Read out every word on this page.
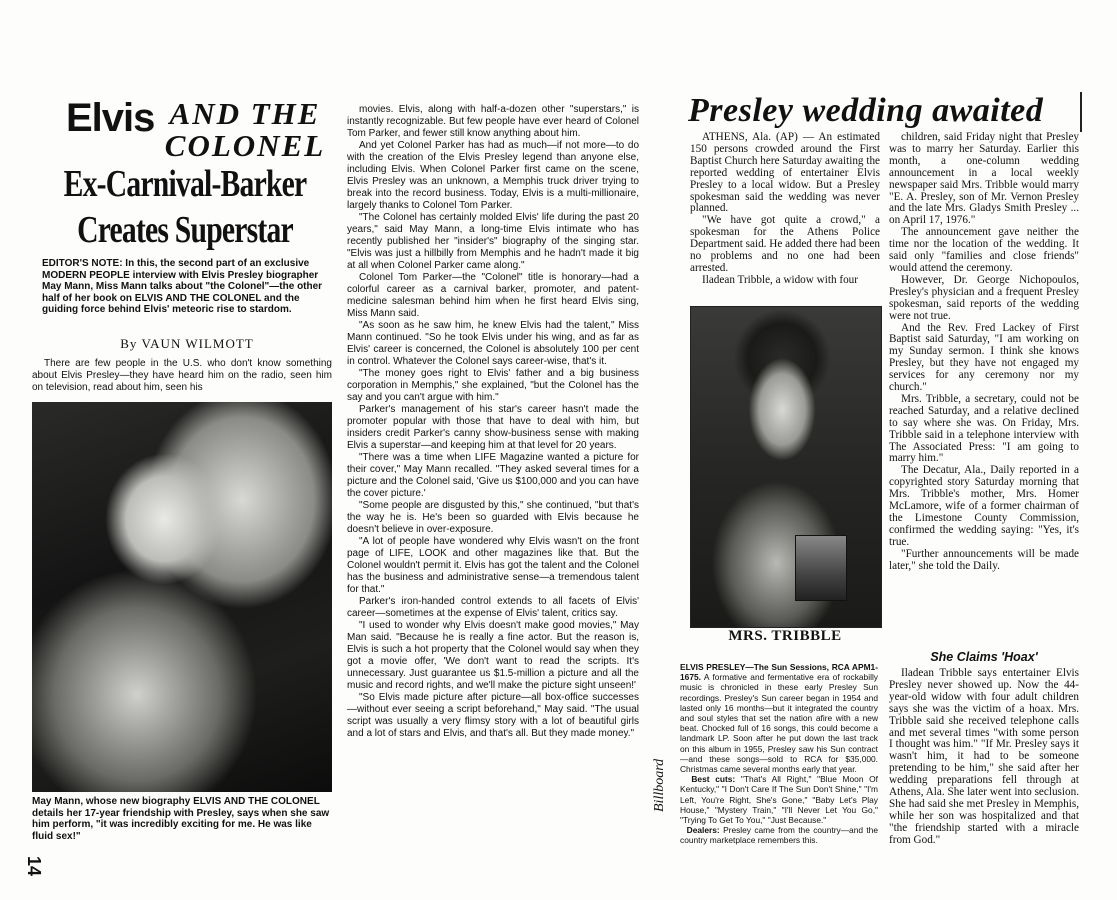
Elvis AND THE
COLONEL
Ex-Carnival-Barker
Creates Superstar
EDITOR'S NOTE: In this, the second part of an exclusive MODERN PEOPLE interview with Elvis Presley biographer May Mann, Miss Mann talks about "the Colonel"—the other half of her book on ELVIS AND THE COLONEL and the guiding force behind Elvis' meteoric rise to stardom.
By VAUN WILMOTT

There are few people in the U.S. who don't know something about Elvis Presley—they have heard him on the radio, seen him on television, read about him, seen his

May Mann, whose new biography ELVIS AND THE COLONEL details her 17-year friendship with Presley, says when she saw him perform, "it was incredibly exciting for me. He was like fluid sex!"
14

movies. Elvis, along with half-a-dozen other "superstars," is instantly recognizable. But few people have ever heard of Colonel Tom Parker, and fewer still know anything about him.

And yet Colonel Parker has had as much—if not more—to do with the creation of the Elvis Presley legend than anyone else, including Elvis. When Colonel Parker first came on the scene, Elvis Presley was an unknown, a Memphis truck driver trying to break into the record business. Today, Elvis is a multi-millionaire, largely thanks to Colonel Tom Parker.

"The Colonel has certainly molded Elvis' life during the past 20 years," said May Mann, a long-time Elvis intimate who has recently published her "insider's" biography of the singing star. "Elvis was just a hillbilly from Memphis and he hadn't made it big at all when Colonel Parker came along."

Colonel Tom Parker—the "Colonel" title is honorary—had a colorful career as a carnival barker, promoter, and patent-medicine salesman behind him when he first heard Elvis sing, Miss Mann said.

"As soon as he saw him, he knew Elvis had the talent," Miss Mann continued. "So he took Elvis under his wing, and as far as Elvis' career is concerned, the Colonel is absolutely 100 per cent in control. Whatever the Colonel says career-wise, that's it.

"The money goes right to Elvis' father and a big business corporation in Memphis," she explained, "but the Colonel has the say and you can't argue with him."

Parker's management of his star's career hasn't made the promoter popular with those that have to deal with him, but insiders credit Parker's canny show-business sense with making Elvis a superstar—and keeping him at that level for 20 years.

"There was a time when LIFE Magazine wanted a picture for their cover," May Mann recalled. "They asked several times for a picture and the Colonel said, 'Give us $100,000 and you can have the cover picture.'

"Some people are disgusted by this," she continued, "but that's the way he is. He's been so guarded with Elvis because he doesn't believe in over-exposure.

"A lot of people have wondered why Elvis wasn't on the front page of LIFE, LOOK and other magazines like that. But the Colonel wouldn't permit it. Elvis has got the talent and the Colonel has the business and administrative sense—a tremendous talent for that."

Parker's iron-handed control extends to all facets of Elvis' career—sometimes at the expense of Elvis' talent, critics say.

"I used to wonder why Elvis doesn't make good movies," May Man said. "Because he is really a fine actor. But the reason is, Elvis is such a hot property that the Colonel would say when they got a movie offer, 'We don't want to read the scripts. It's unnecessary. Just guarantee us $1.5-million a picture and all the music and record rights, and we'll make the picture sight unseen!'

"So Elvis made picture after picture—all box-office successes—without ever seeing a script beforehand," May said. "The usual script was usually a very flimsy story with a lot of beautiful girls and a lot of stars and Elvis, and that's all. But they made money."

Presley wedding awaited

ATHENS, Ala. (AP) — An estimated 150 persons crowded around the First Baptist Church here Saturday awaiting the reported wedding of entertainer Elvis Presley to a local widow. But a Presley spokesman said the wedding was never planned.

"We have got quite a crowd," a spokesman for the Athens Police Department said. He added there had been no problems and no one had been arrested.

Iladean Tribble, a widow with four

MRS. TRIBBLE

children, said Friday night that Presley was to marry her Saturday. Earlier this month, a one-column wedding announcement in a local weekly newspaper said Mrs. Tribble would marry "E. A. Presley, son of Mr. Vernon Presley and the late Mrs. Gladys Smith Presley ... on April 17, 1976."

The announcement gave neither the time nor the location of the wedding. It said only "families and close friends" would attend the ceremony.

However, Dr. George Nichopoulos, Presley's physician and a frequent Presley spokesman, said reports of the wedding were not true.

And the Rev. Fred Lackey of First Baptist said Saturday, "I am working on my Sunday sermon. I think she knows Presley, but they have not engaged my services for any ceremony nor my church."

Mrs. Tribble, a secretary, could not be reached Saturday, and a relative declined to say where she was. On Friday, Mrs. Tribble said in a telephone interview with The Associated Press: "I am going to marry him."

The Decatur, Ala., Daily reported in a copyrighted story Saturday morning that Mrs. Tribble's mother, Mrs. Homer McLamore, wife of a former chairman of the Limestone County Commission, confirmed the wedding saying: "Yes, it's true.

"Further announcements will be made later," she told the Daily.

She Claims 'Hoax'

Iladean Tribble says entertainer Elvis Presley never showed up. Now the 44-year-old widow with four adult children says she was the victim of a hoax. Mrs. Tribble said she received telephone calls and met several times "with some person I thought was him." "If Mr. Presley says it wasn't him, it had to be someone pretending to be him," she said after her wedding preparations fell through at Athens, Ala. She later went into seclusion. She had said she met Presley in Memphis, while her son was hospitalized and that "the friendship started with a miracle from God."

Billboard
ELVIS PRESLEY—The Sun Sessions, RCA APM1-1675. A formative and fermentative era of rockabilly music is chronicled in these early Presley Sun recordings. Presley's Sun career began in 1954 and lasted only 16 months—but it integrated the country and soul styles that set the nation afire with a new beat. Chocked full of 16 songs, this could become a landmark LP. Soon after he put down the last track on this album in 1955, Presley saw his Sun contract—and these songs—sold to RCA for $35,000. Christmas came several months early that year.
Best cuts: "That's All Right," "Blue Moon Of Kentucky," "I Don't Care If The Sun Don't Shine," "I'm Left, You're Right, She's Gone," "Baby Let's Play House," "Mystery Train," "I'll Never Let You Go," "Trying To Get To You," "Just Because."
Dealers: Presley came from the country—and the country marketplace remembers this.
